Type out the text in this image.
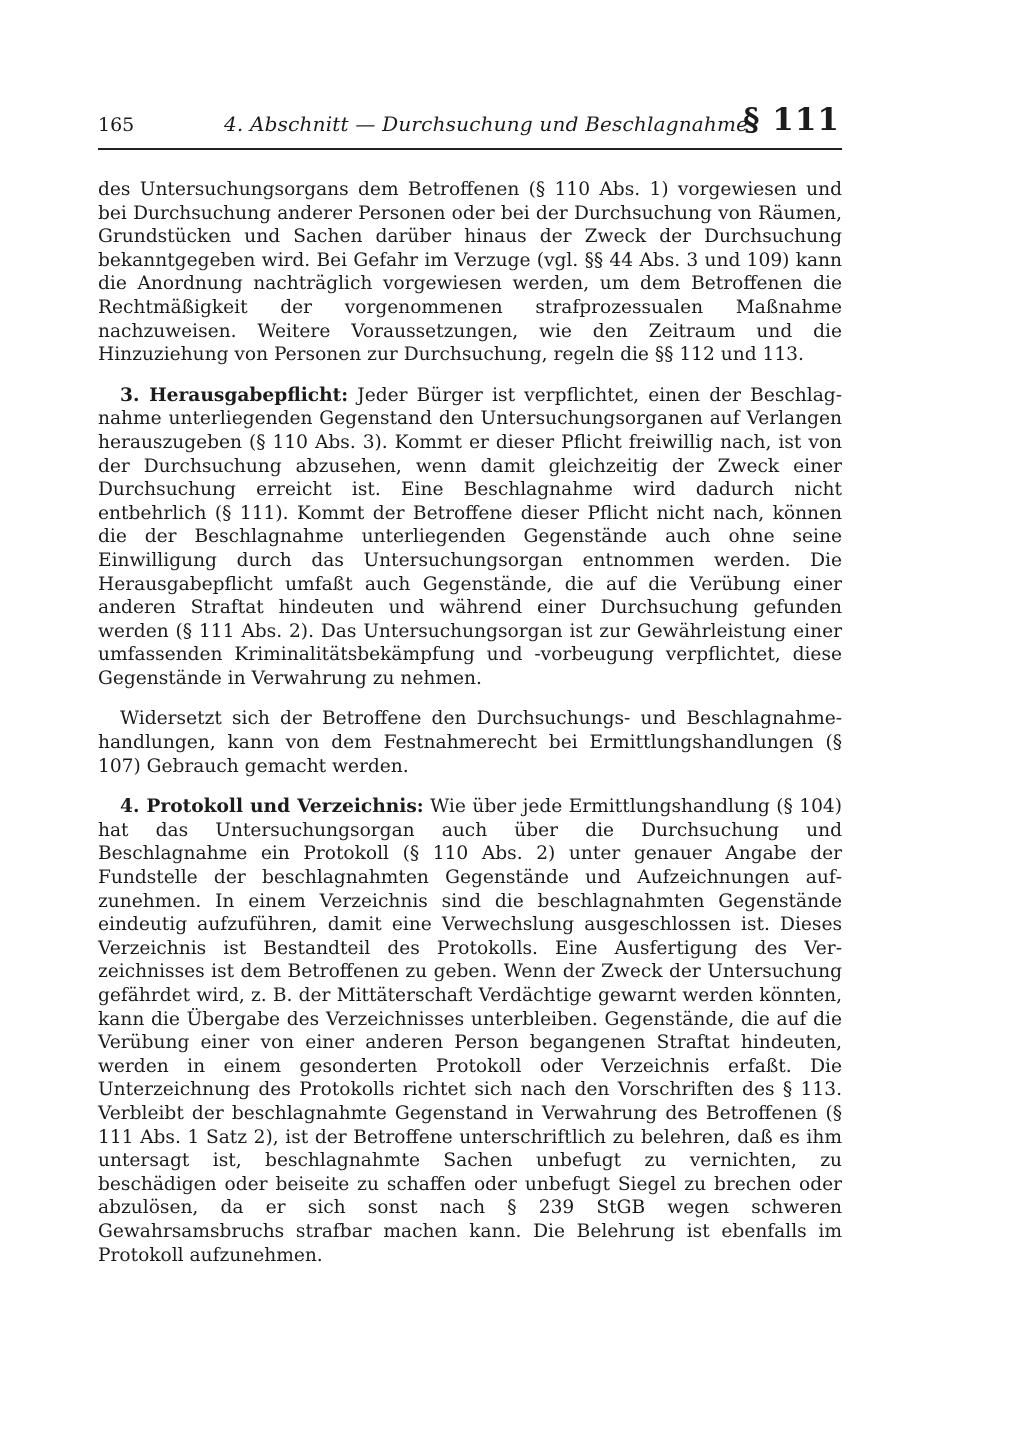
165	4. Abschnitt — Durchsuchung und Beschlagnahme
§ 111

des Untersuchungsorgans dem Betroffenen (§ 110 Abs. 1) vorgewiesen und bei Durchsuchung anderer Personen oder bei der Durchsuchung von Räumen, Grundstücken und Sachen darüber hinaus der Zweck der Durchsuchung bekanntgegeben wird. Bei Gefahr im Verzuge (vgl. §§ 44 Abs. 3 und 109) kann die Anordnung nachträglich vorgewiesen werden, um dem Betroffenen die Rechtmäßigkeit der vorgenommenen strafprozessualen Maßnahme nachzuweisen. Weitere Voraussetzungen, wie den Zeitraum und die Hinzuziehung von Personen zur Durchsuchung, regeln die §§ 112 und 113.

3. Herausgabepflicht: Jeder Bürger ist verpflichtet, einen der Beschlagnahme unterliegenden Gegenstand den Untersuchungsorganen auf Verlangen herauszugeben (§ 110 Abs. 3). Kommt er dieser Pflicht freiwillig nach, ist von der Durchsuchung abzusehen, wenn damit gleichzeitig der Zweck einer Durchsuchung erreicht ist. Eine Beschlagnahme wird dadurch nicht entbehrlich (§ 111). Kommt der Betroffene dieser Pflicht nicht nach, können die der Beschlagnahme unterliegenden Gegenstände auch ohne seine Einwilligung durch das Untersuchungsorgan entnommen werden. Die Herausgabepflicht umfaßt auch Gegenstände, die auf die Verübung einer anderen Straftat hindeuten und während einer Durchsuchung gefunden werden (§ 111 Abs. 2). Das Untersuchungsorgan ist zur Gewährleistung einer umfassenden Kriminalitätsbekämpfung und -vorbeugung verpflichtet, diese Gegenstände in Verwahrung zu nehmen.

Widersetzt sich der Betroffene den Durchsuchungs- und Beschlagnahmehandlungen, kann von dem Festnahmerecht bei Ermittlungshandlungen (§ 107) Gebrauch gemacht werden.

4. Protokoll und Verzeichnis: Wie über jede Ermittlungshandlung (§ 104) hat das Untersuchungsorgan auch über die Durchsuchung und Beschlagnahme ein Protokoll (§ 110 Abs. 2) unter genauer Angabe der Fundstelle der beschlagnahmten Gegenstände und Aufzeichnungen aufzunehmen. In einem Verzeichnis sind die beschlagnahmten Gegenstände eindeutig aufzuführen, damit eine Verwechslung ausgeschlossen ist. Dieses Verzeichnis ist Bestandteil des Protokolls. Eine Ausfertigung des Verzeichnisses ist dem Betroffenen zu geben. Wenn der Zweck der Untersuchung gefährdet wird, z. B. der Mittäterschaft Verdächtige gewarnt werden könnten, kann die Übergabe des Verzeichnisses unterbleiben. Gegenstände, die auf die Verübung einer von einer anderen Person begangenen Straftat hindeuten, werden in einem gesonderten Protokoll oder Verzeichnis erfaßt. Die Unterzeichnung des Protokolls richtet sich nach den Vorschriften des § 113. Verbleibt der beschlagnahmte Gegenstand in Verwahrung des Betroffenen (§ 111 Abs. 1 Satz 2), ist der Betroffene unterschriftlich zu belehren, daß es ihm untersagt ist, beschlagnahmte Sachen unbefugt zu vernichten, zu beschädigen oder beiseite zu schaffen oder unbefugt Siegel zu brechen oder abzulösen, da er sich sonst nach § 239 StGB wegen schweren Gewahrsamsbruchs strafbar machen kann. Die Belehrung ist ebenfalls im Protokoll aufzunehmen.
